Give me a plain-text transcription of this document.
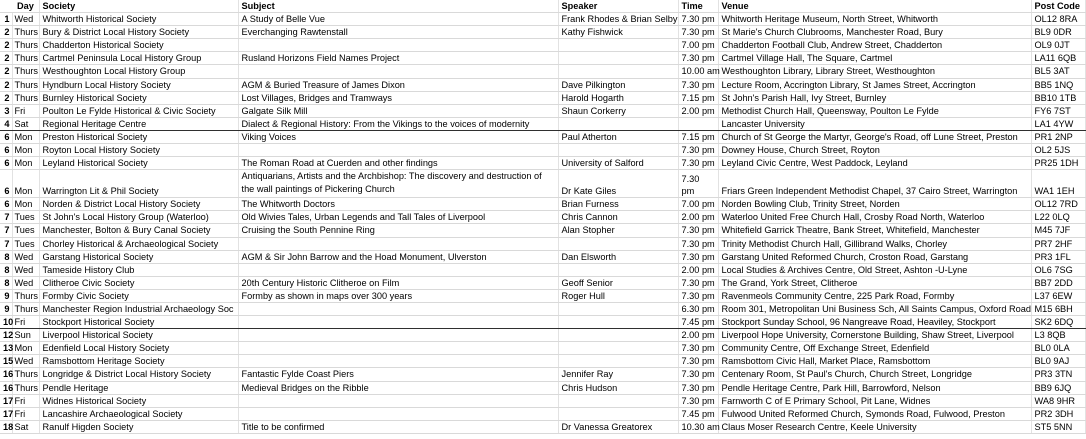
Day		Society	Subject	Speaker	Time	Venue	Post Code
1	Wed	Whitworth Historical Society	A Study of Belle Vue	Frank Rhodes & Brian Selby	7.30 pm	Whitworth Heritage Museum, North Street, Whitworth	OL12 8RA
2	Thurs	Bury & District Local History Society	Everchanging Rawtenstall	Kathy Fishwick	7.30 pm	St Marie's Church Clubrooms, Manchester Road, Bury	BL9 0DR
2	Thurs	Chadderton Historical Society			7.00 pm	Chadderton Football Club, Andrew Street, Chadderton	OL9 0JT
2	Thurs	Cartmel Peninsula Local History Group	Rusland Horizons Field Names Project		7.30 pm	Cartmel Village Hall, The Square, Cartmel	LA11 6QB
2	Thurs	Westhoughton Local History Group			10.00 am	Westhoughton Library, Library Street, Westhoughton	BL5 3AT
2	Thurs	Hyndburn Local History Society	AGM & Buried Treasure of James Dixon	Dave Pilkington	7.30 pm	Lecture Room, Accrington Library, St James Street, Accrington	BB5 1NQ
2	Thurs	Burnley Historical Society	Lost Villages, Bridges and Tramways	Harold Hogarth	7.15 pm	St John's Parish Hall, Ivy Street, Burnley	BB10 1TB
3	Fri	Poulton Le Fylde Historical & Civic Society	Galgate Silk Mill	Shaun Corkerry	2.00 pm	Methodist Church Hall, Queensway, Poulton Le Fylde	FY6 7ST
4	Sat	Regional Heritage Centre	Dialect & Regional History: From the Vikings to the voices of modernity			Lancaster University	LA1 4YW
6	Mon	Preston Historical Society	Viking Voices	Paul Atherton	7.15 pm	Church of St George the Martyr, George's Road, off Lune Street, Preston	PR1 2NP
6	Mon	Royton Local History Society			7.30 pm	Downey House, Church Street, Royton	OL2 5JS
6	Mon	Leyland Historical Society	The Roman Road at Cuerden and other findings	University of Salford	7.30 pm	Leyland Civic Centre, West Paddock, Leyland	PR25 1DH
6	Mon	Warrington Lit & Phil Society	Antiquarians, Artists and the Archbishop: The discovery and destruction of the wall paintings of Pickering Church	Dr Kate Giles	7.30 pm	Friars Green Independent Methodist Chapel, 37 Cairo Street, Warrington	WA1 1EH
6	Mon	Norden & District Local History Society	The Whitworth Doctors	Brian Furness	7.00 pm	Norden Bowling Club, Trinity Street, Norden	OL12 7RD
7	Tues	St John's Local History Group (Waterloo)	Old Wivies Tales, Urban Legends and Tall Tales of Liverpool	Chris Cannon	2.00 pm	Waterloo United Free Church Hall, Crosby Road North, Waterloo	L22 0LQ
7	Tues	Manchester, Bolton & Bury Canal Society	Cruising the South Pennine Ring	Alan Stopher	7.30 pm	Whitefield Garrick Theatre, Bank Street, Whitefield, Manchester	M45 7JF
7	Tues	Chorley Historical & Archaeological Society			7.30 pm	Trinity Methodist Church Hall, Gillibrand Walks, Chorley	PR7 2HF
8	Wed	Garstang Historical Society	AGM & Sir John Barrow and the Hoad Monument, Ulverston	Dan Elsworth	7.30 pm	Garstang United Reformed Church, Croston Road, Garstang	PR3 1FL
8	Wed	Tameside History Club			2.00 pm	Local Studies & Archives Centre, Old Street, Ashton -U-Lyne	OL6 7SG
8	Wed	Clitheroe Civic Society	20th Century Historic Clitheroe on Film	Geoff Senior	7.30 pm	The Grand, York Street, Clitheroe	BB7 2DD
9	Thurs	Formby Civic Society	Formby as shown in maps over 300 years	Roger Hull	7.30 pm	Ravenmeols Community Centre, 225 Park Road, Formby	L37 6EW
9	Thurs	Manchester Region Industrial Archaeology Soc			6.30 pm	Room 301, Metropolitan Uni Business Sch, All Saints Campus, Oxford Road	M15 6BH
10	Fri	Stockport Historical Society			7.45 pm	Stockport Sunday School, 96 Nangreave Road, Heaviley, Stockport	SK2 6DQ
12	Sun	Liverpool Historical Society			2.00 pm	Liverpool Hope University, Cornerstone Building, Shaw Street, Liverpool	L3 8QB
13	Mon	Edenfield Local History Society			7.30 pm	Community Centre, Off Exchange Street, Edenfield	BL0 0LA
15	Wed	Ramsbottom Heritage Society			7.30 pm	Ramsbottom Civic Hall, Market Place, Ramsbottom	BL0 9AJ
16	Thurs	Longridge & District Local History Society	Fantastic Fylde Coast Piers	Jennifer Ray	7.30 pm	Centenary Room, St Paul's Church, Church Street, Longridge	PR3 3TN
16	Thurs	Pendle Heritage	Medieval Bridges on the Ribble	Chris Hudson	7.30 pm	Pendle Heritage Centre, Park Hill, Barrowford, Nelson	BB9 6JQ
17	Fri	Widnes Historical Society			7.30 pm	Farnworth C of E Primary School, Pit Lane, Widnes	WA8 9HR
17	Fri	Lancashire Archaeological Society			7.45 pm	Fulwood United Reformed Church, Symonds Road, Fulwood, Preston	PR2 3DH
18	Sat	Ranulf Higden Society	Title to be confirmed	Dr Vanessa Greatorex	10.30 am	Claus Moser Research Centre, Keele University	ST5 5NN
